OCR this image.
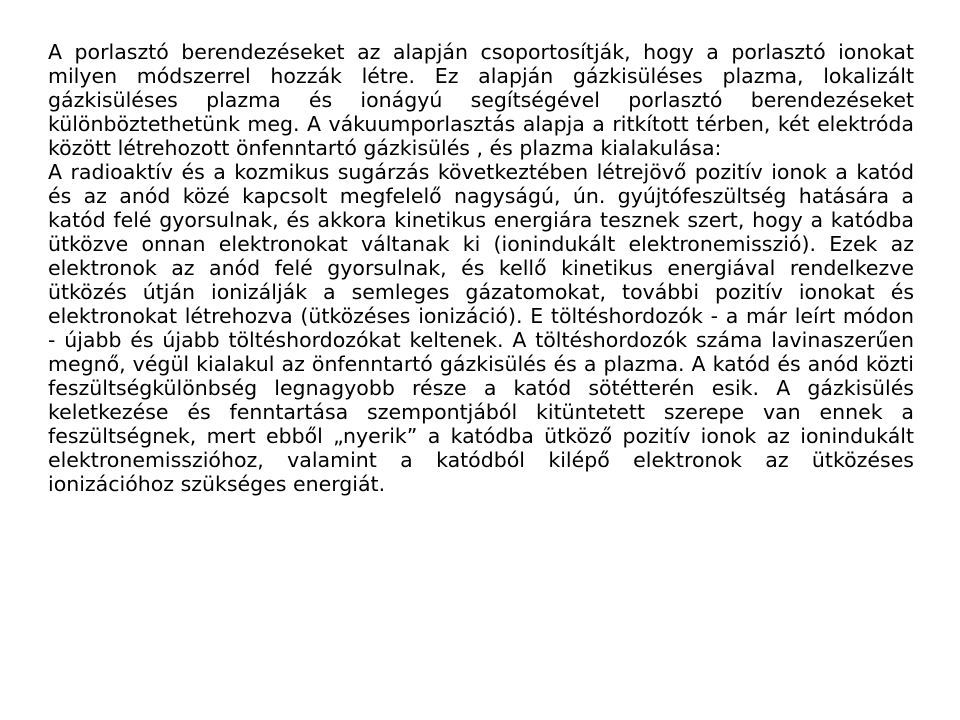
A porlasztó berendezéseket az alapján csoportosítják, hogy a porlasztó ionokat milyen módszerrel hozzák létre. Ez alapján gázkisüléses plazma, lokalizált gázkisüléses plazma és ionágyú segítségével porlasztó berendezéseket különböztethetünk meg. A vákuumporlasztás alapja a ritkított térben, két elektróda között létrehozott önfenntartó gázkisülés , és plazma kialakulása:

A radioaktív és a kozmikus sugárzás következtében létrejövő pozitív ionok a katód és az anód közé kapcsolt megfelelő nagyságú, ún. gyújtófeszültség hatására a katód felé gyorsulnak, és akkora kinetikus energiára tesznek szert, hogy a katódba ütközve onnan elektronokat váltanak ki (ionindukált elektronemisszió). Ezek az elektronok az anód felé gyorsulnak, és kellő kinetikus energiával rendelkezve ütközés útján ionizálják a semleges gázatomokat, további pozitív ionokat és elektronokat létrehozva (ütközéses ionizáció). E töltéshordozók - a már leírt módon - újabb és újabb töltéshordozókat keltenek. A töltéshordozók száma lavinaszerűen megnő, végül kialakul az önfenntartó gázkisülés és a plazma. A katód és anód közti feszültségkülönbség legnagyobb része a katód sötétterén esik. A gázkisülés keletkezése és fenntartása szempontjából kitüntetett szerepe van ennek a feszültségnek, mert ebből „nyerik” a katódba ütköző pozitív ionok az ionindukált elektronemisszióhoz, valamint a katódból kilépő elektronok az ütközéses ionizációhoz szükséges energiát.
